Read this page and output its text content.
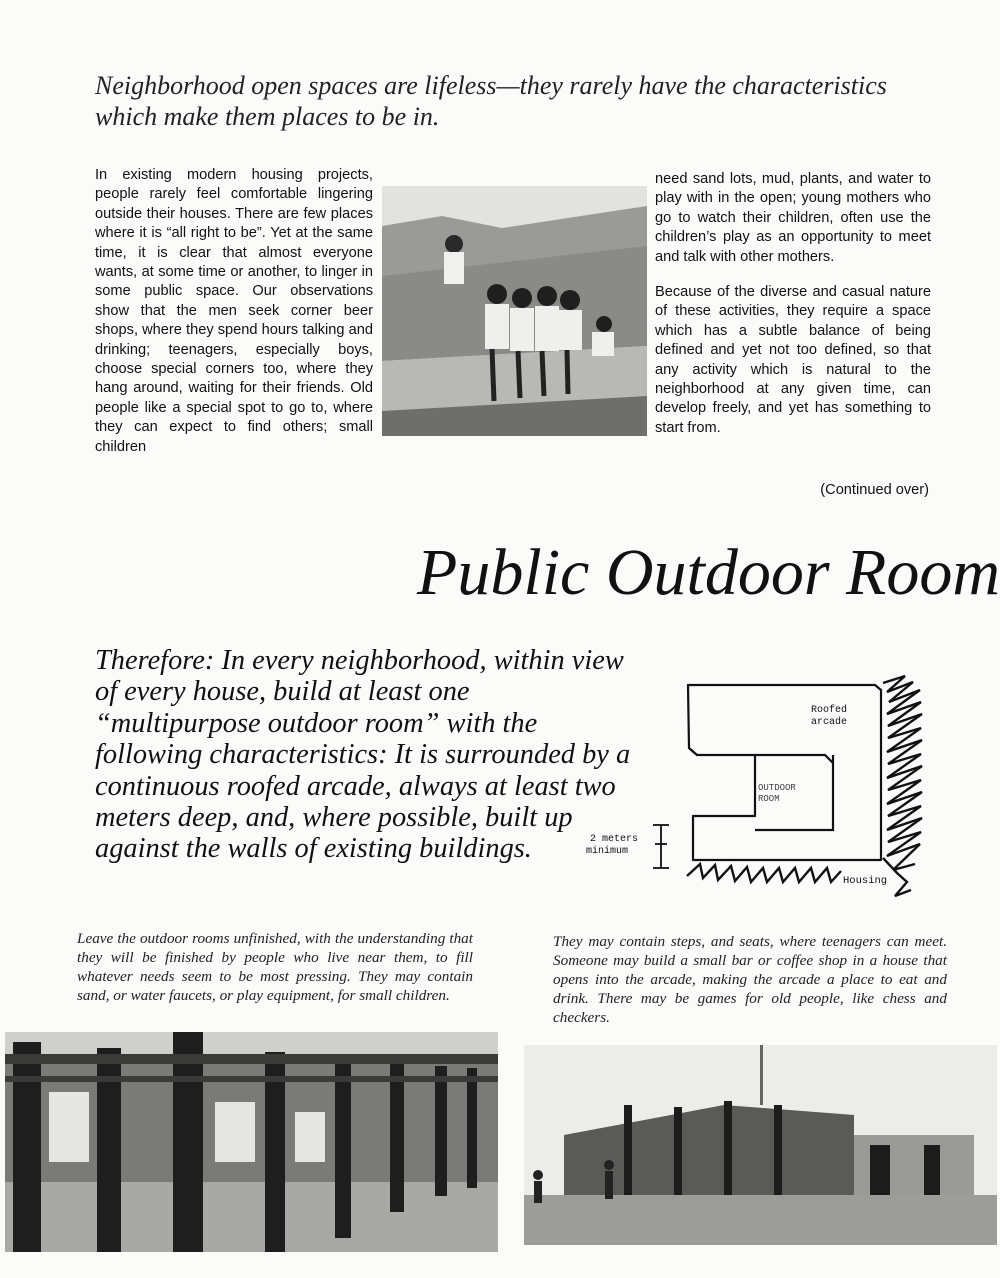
Neighborhood open spaces are lifeless—they rarely have the characteristics which make them places to be in.

In existing modern housing projects, people rarely feel comfortable lingering outside their houses. There are few places where it is “all right to be”. Yet at the same time, it is clear that almost everyone wants, at some time or another, to linger in some public space. Our observations show that the men seek corner beer shops, where they spend hours talking and drinking; teenagers, especially boys, choose special corners too, where they hang around, waiting for their friends. Old people like a special spot to go to, where they can expect to find others; small children

need sand lots, mud, plants, and water to play with in the open; young mothers who go to watch their children, often use the children’s play as an opportunity to meet and talk with other mothers.

Because of the diverse and casual nature of these activities, they require a space which has a subtle balance of being defined and yet not too defined, so that any activity which is natural to the neighborhood at any given time, can develop freely, and yet has something to start from.

(Continued over)
Public Outdoor Room
Therefore: In every neighborhood, within view of every house, build at least one “multipurpose outdoor room” with the following characteristics: It is surrounded by a continuous roofed arcade, always at least two meters deep, and, where possible, built up against the walls of existing buildings.
Roofed
arcade
OUTDOOR
ROOM
2 meters
minimum
Housing
Leave the outdoor rooms unfinished, with the understanding that they will be finished by people who live near them, to fill whatever needs seem to be most pressing. They may contain sand, or water faucets, or play equipment, for small children.
They may contain steps, and seats, where teenagers can meet. Someone may build a small bar or coffee shop in a house that opens into the arcade, making the arcade a place to eat and drink. There may be games for old people, like chess and checkers.
